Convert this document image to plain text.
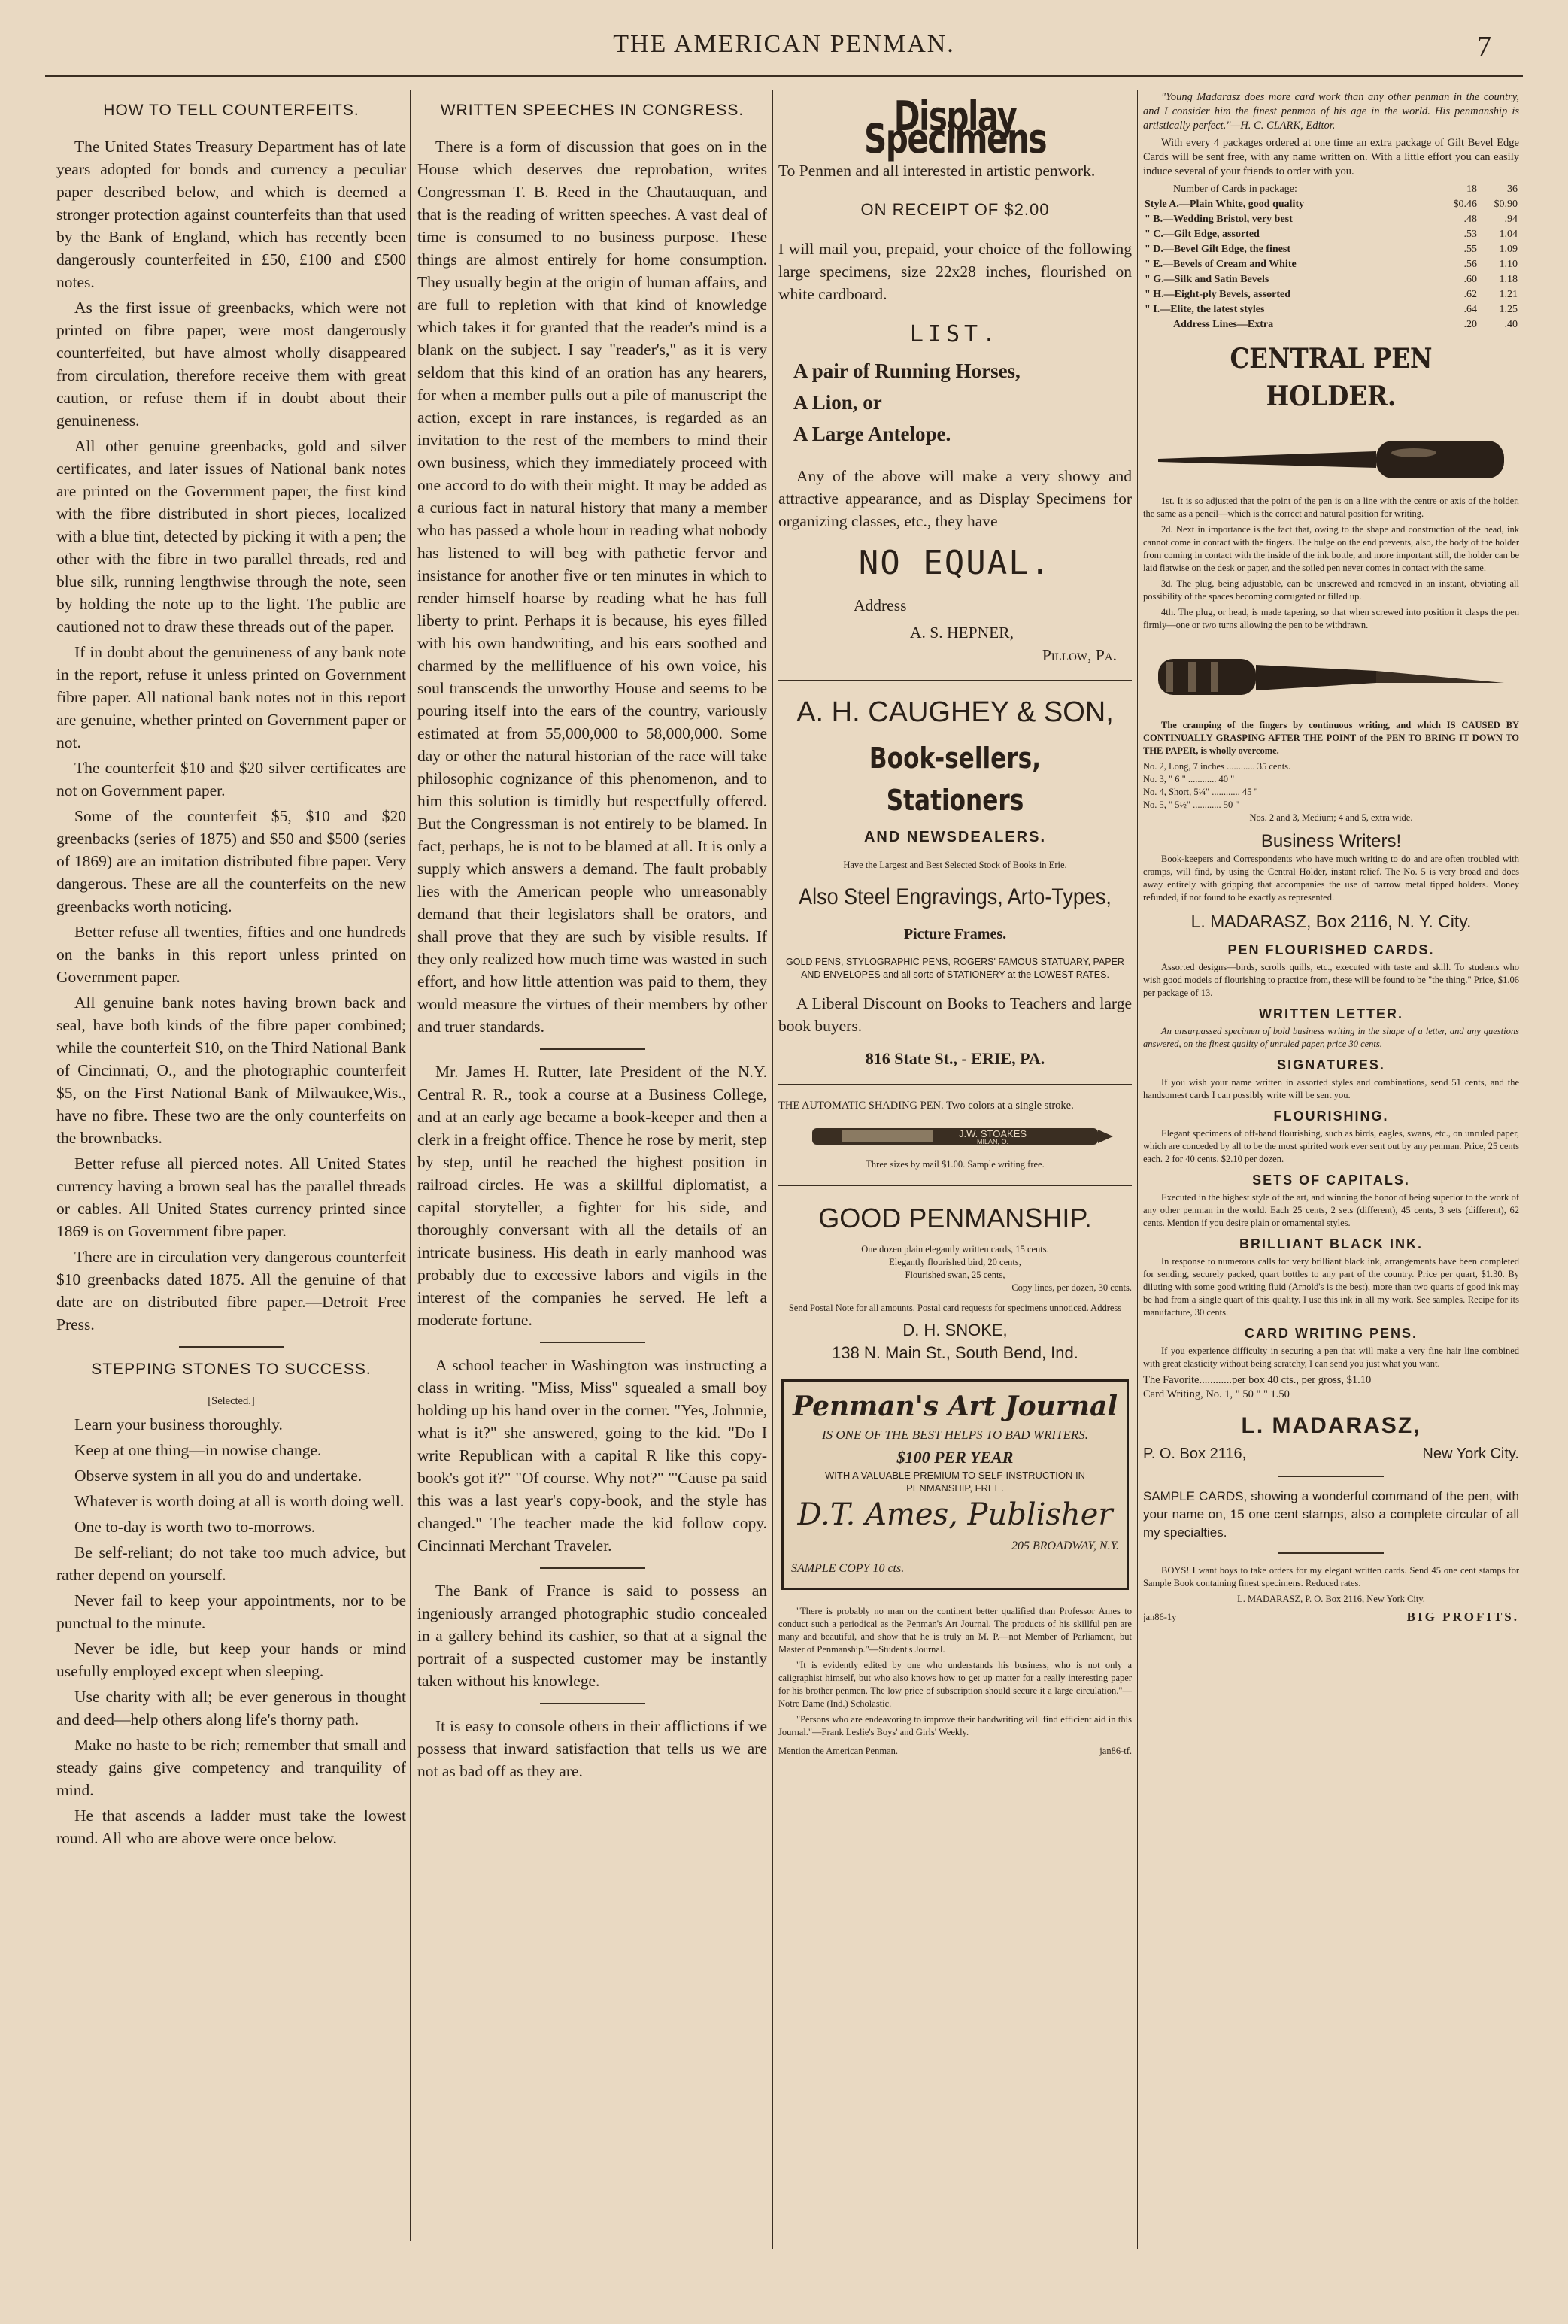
THE AMERICAN PENMAN.	7
HOW TO TELL COUNTERFEITS.

The United States Treasury Department has of late years adopted for bonds and currency a peculiar paper described below, and which is deemed a stronger protection against counterfeits than that used by the Bank of England, which has recently been dangerously counterfeited in £50, £100 and £500 notes.

As the first issue of greenbacks, which were not printed on fibre paper, were most dangerously counterfeited, but have almost wholly disappeared from circulation, therefore receive them with great caution, or refuse them if in doubt about their genuineness.

All other genuine greenbacks, gold and silver certificates, and later issues of National bank notes are printed on the Government paper, the first kind with the fibre distributed in short pieces, localized with a blue tint, detected by picking it with a pen; the other with the fibre in two parallel threads, red and blue silk, running lengthwise through the note, seen by holding the note up to the light. The public are cautioned not to draw these threads out of the paper.

If in doubt about the genuineness of any bank note in the report, refuse it unless printed on Government fibre paper. All national bank notes not in this report are genuine, whether printed on Government paper or not.

The counterfeit $10 and $20 silver certificates are not on Government paper.

Some of the counterfeit $5, $10 and $20 greenbacks (series of 1875) and $50 and $500 (series of 1869) are an imitation distributed fibre paper. Very dangerous. These are all the counterfeits on the new greenbacks worth noticing.

Better refuse all twenties, fifties and one hundreds on the banks in this report unless printed on Government paper.

All genuine bank notes having brown back and seal, have both kinds of the fibre paper combined; while the counterfeit $10, on the Third National Bank of Cincinnati, O., and the photographic counterfeit $5, on the First National Bank of Milwaukee,Wis., have no fibre. These two are the only counterfeits on the brownbacks.

Better refuse all pierced notes. All United States currency having a brown seal has the parallel threads or cables. All United States currency printed since 1869 is on Government fibre paper.

There are in circulation very dangerous counterfeit $10 greenbacks dated 1875. All the genuine of that date are on distributed fibre paper.—Detroit Free Press.

STEPPING STONES TO SUCCESS.
[Selected.]

Learn your business thoroughly.

Keep at one thing—in nowise change.

Observe system in all you do and undertake.

Whatever is worth doing at all is worth doing well.

One to-day is worth two to-morrows.

Be self-reliant; do not take too much advice, but rather depend on yourself.

Never fail to keep your appointments, nor to be punctual to the minute.

Never be idle, but keep your hands or mind usefully employed except when sleeping.

Use charity with all; be ever generous in thought and deed—help others along life's thorny path.

Make no haste to be rich; remember that small and steady gains give competency and tranquility of mind.

He that ascends a ladder must take the lowest round. All who are above were once below.

WRITTEN SPEECHES IN CONGRESS.

There is a form of discussion that goes on in the House which deserves due reprobation, writes Congressman T. B. Reed in the Chautauquan, and that is the reading of written speeches. A vast deal of time is consumed to no business purpose. These things are almost entirely for home consumption. They usually begin at the origin of human affairs, and are full to repletion with that kind of knowledge which takes it for granted that the reader's mind is a blank on the subject. I say "reader's," as it is very seldom that this kind of an oration has any hearers, for when a member pulls out a pile of manuscript the action, except in rare instances, is regarded as an invitation to the rest of the members to mind their own business, which they immediately proceed with one accord to do with their might. It may be added as a curious fact in natural history that many a member who has passed a whole hour in reading what nobody has listened to will beg with pathetic fervor and insistance for another five or ten minutes in which to render himself hoarse by reading what he has full liberty to print. Perhaps it is because, his eyes filled with his own handwriting, and his ears soothed and charmed by the mellifluence of his own voice, his soul transcends the unworthy House and seems to be pouring itself into the ears of the country, variously estimated at from 55,000,000 to 58,000,000. Some day or other the natural historian of the race will take philosophic cognizance of this phenomenon, and to him this solution is timidly but respectfully offered. But the Congressman is not entirely to be blamed. In fact, perhaps, he is not to be blamed at all. It is only a supply which answers a demand. The fault probably lies with the American people who unreasonably demand that their legislators shall be orators, and shall prove that they are such by visible results. If they only realized how much time was wasted in such effort, and how little attention was paid to them, they would measure the virtues of their members by other and truer standards.

Mr. James H. Rutter, late President of the N.Y. Central R. R., took a course at a Business College, and at an early age became a book-keeper and then a clerk in a freight office. Thence he rose by merit, step by step, until he reached the highest position in railroad circles. He was a skillful diplomatist, a capital storyteller, a fighter for his side, and thoroughly conversant with all the details of an intricate business. His death in early manhood was probably due to excessive labors and vigils in the interest of the companies he served. He left a moderate fortune.

A school teacher in Washington was instructing a class in writing. "Miss, Miss" squealed a small boy holding up his hand over in the corner. "Yes, Johnnie, what is it?" she answered, going to the kid. "Do I write Republican with a capital R like this copy-book's got it?" "Of course. Why not?" "'Cause pa said this was a last year's copy-book, and the style has changed." The teacher made the kid follow copy. Cincinnati Merchant Traveler.

The Bank of France is said to possess an ingeniously arranged photographic studio concealed in a gallery behind its cashier, so that at a signal the portrait of a suspected customer may be instantly taken without his knowlege.

It is easy to console others in their afflictions if we possess that inward satisfaction that tells us we are not as bad off as they are.

Display Specimens

To Penmen and all interested in artistic penwork.

ON RECEIPT OF $2.00

I will mail you, prepaid, your choice of the following large specimens, size 22x28 inches, flourished on white cardboard.

LIST.
A pair of Running Horses,
A Lion, or
A Large Antelope.

Any of the above will make a very showy and attractive appearance, and as Display Specimens for organizing classes, etc., they have

NO EQUAL.
Address
A. S. HEPNER,
Pillow, Pa.
A. H. CAUGHEY & SON,
Book-sellers, Stationers
AND NEWSDEALERS.
Have the Largest and Best Selected Stock of Books in Erie.
Also Steel Engravings, Arto-Types,
Picture Frames.
GOLD PENS, STYLOGRAPHIC PENS, ROGERS' FAMOUS STATUARY, PAPER AND ENVELOPES and all sorts of STATIONERY at the LOWEST RATES.

A Liberal Discount on Books to Teachers and large book buyers.

816 State St., - ERIE, PA.
THE AUTOMATIC SHADING PEN. Two colors at a single stroke.
J.W. STOAKES
MILAN, O.
Three sizes by mail $1.00. Sample writing free.
GOOD PENMANSHIP.
One dozen plain elegantly written cards, 15 cents.
Elegantly flourished bird, 20 cents,
Flourished swan, 25 cents,
Copy lines, per dozen, 30 cents.
Send Postal Note for all amounts. Postal card requests for specimens unnoticed. Address
D. H. SNOKE,
138 N. Main St., South Bend, Ind.
Penman's Art Journal
IS ONE OF THE BEST HELPS TO BAD WRITERS.
$100 PER YEAR
WITH A VALUABLE PREMIUM TO SELF-INSTRUCTION IN PENMANSHIP, FREE.
D.T. Ames, Publisher
205 BROADWAY, N.Y.
SAMPLE COPY 10 cts.

"There is probably no man on the continent better qualified than Professor Ames to conduct such a periodical as the Penman's Art Journal. The products of his skillful pen are many and beautiful, and show that he is truly an M. P.—not Member of Parliament, but Master of Penmanship."—Student's Journal.

"It is evidently edited by one who understands his business, who is not only a caligraphist himself, but who also knows how to get up matter for a really interesting paper for his brother penmen. The low price of subscription should secure it a large circulation."—Notre Dame (Ind.) Scholastic.

"Persons who are endeavoring to improve their handwriting will find efficient aid in this Journal."—Frank Leslie's Boys' and Girls' Weekly.

Mention the American Penman.	jan86-tf.

"Young Madarasz does more card work than any other penman in the country, and I consider him the finest penman of his age in the world. His penmanship is artistically perfect."—H. C. CLARK, Editor.

With every 4 packages ordered at one time an extra package of Gilt Bevel Edge Cards will be sent free, with any name written on. With a little effort you can easily induce several of your friends to order with you.

Number of Cards in package:	18	36
Style A.—Plain White, good quality	$0.46	$0.90
" B.—Wedding Bristol, very best	.48	.94
" C.—Gilt Edge, assorted	.53	1.04
" D.—Bevel Gilt Edge, the finest	.55	1.09
" E.—Bevels of Cream and White	.56	1.10
" G.—Silk and Satin Bevels	.60	1.18
" H.—Eight-ply Bevels, assorted	.62	1.21
" I.—Elite, the latest styles	.64	1.25
Address Lines—Extra	.20	.40
CENTRAL PEN HOLDER.

1st. It is so adjusted that the point of the pen is on a line with the centre or axis of the holder, the same as a pencil—which is the correct and natural position for writing.

2d. Next in importance is the fact that, owing to the shape and construction of the head, ink cannot come in contact with the fingers. The bulge on the end prevents, also, the body of the holder from coming in contact with the inside of the ink bottle, and more important still, the holder can be laid flatwise on the desk or paper, and the soiled pen never comes in contact with the same.

3d. The plug, being adjustable, can be unscrewed and removed in an instant, obviating all possibility of the spaces becoming corrugated or filled up.

4th. The plug, or head, is made tapering, so that when screwed into position it clasps the pen firmly—one or two turns allowing the pen to be withdrawn.

The cramping of the fingers by continuous writing, and which IS CAUSED BY CONTINUALLY GRASPING AFTER THE POINT of the PEN TO BRING IT DOWN TO THE PAPER, is wholly overcome.

No. 2, Long, 7 inches ............ 35 cents.
No. 3, " 6 " ............ 40 "
No. 4, Short, 5¼" ............ 45 "
No. 5, " 5½" ............ 50 "
Nos. 2 and 3, Medium; 4 and 5, extra wide.
Business Writers!

Book-keepers and Correspondents who have much writing to do and are often troubled with cramps, will find, by using the Central Holder, instant relief. The No. 5 is very broad and does away entirely with gripping that accompanies the use of narrow metal tipped holders. Money refunded, if not found to be exactly as represented.

L. MADARASZ, Box 2116, N. Y. City.
PEN FLOURISHED CARDS.

Assorted designs—birds, scrolls quills, etc., executed with taste and skill. To students who wish good models of flourishing to practice from, these will be found to be "the thing." Price, $1.06 per package of 13.

WRITTEN LETTER.

An unsurpassed specimen of bold business writing in the shape of a letter, and any questions answered, on the finest quality of unruled paper, price 30 cents.

SIGNATURES.

If you wish your name written in assorted styles and combinations, send 51 cents, and the handsomest cards I can possibly write will be sent you.

FLOURISHING.

Elegant specimens of off-hand flourishing, such as birds, eagles, swans, etc., on unruled paper, which are conceded by all to be the most spirited work ever sent out by any penman. Price, 25 cents each. 2 for 40 cents. $2.10 per dozen.

SETS OF CAPITALS.

Executed in the highest style of the art, and winning the honor of being superior to the work of any other penman in the world. Each 25 cents, 2 sets (different), 45 cents, 3 sets (different), 62 cents. Mention if you desire plain or ornamental styles.

BRILLIANT BLACK INK.

In response to numerous calls for very brilliant black ink, arrangements have been completed for sending, securely packed, quart bottles to any part of the country. Price per quart, $1.30. By diluting with some good writing fluid (Arnold's is the best), more than two quarts of good ink may be had from a single quart of this quality. I use this ink in all my work. See samples. Recipe for its manufacture, 30 cents.

CARD WRITING PENS.

If you experience difficulty in securing a pen that will make a very fine hair line combined with great elasticity without being scratchy, I can send you just what you want.

The Favorite............per box 40 cts., per gross, $1.10
Card Writing, No. 1, " 50 " " 1.50
L. MADARASZ,
P. O. Box 2116,	New York City.

SAMPLE CARDS, showing a wonderful command of the pen, with your name on, 15 one cent stamps, also a complete circular of all my specialties.

BOYS! I want boys to take orders for my elegant written cards. Send 45 one cent stamps for Sample Book containing finest specimens. Reduced rates.

L. MADARASZ, P. O. Box 2116, New York City.
jan86-1y	BIG PROFITS.
